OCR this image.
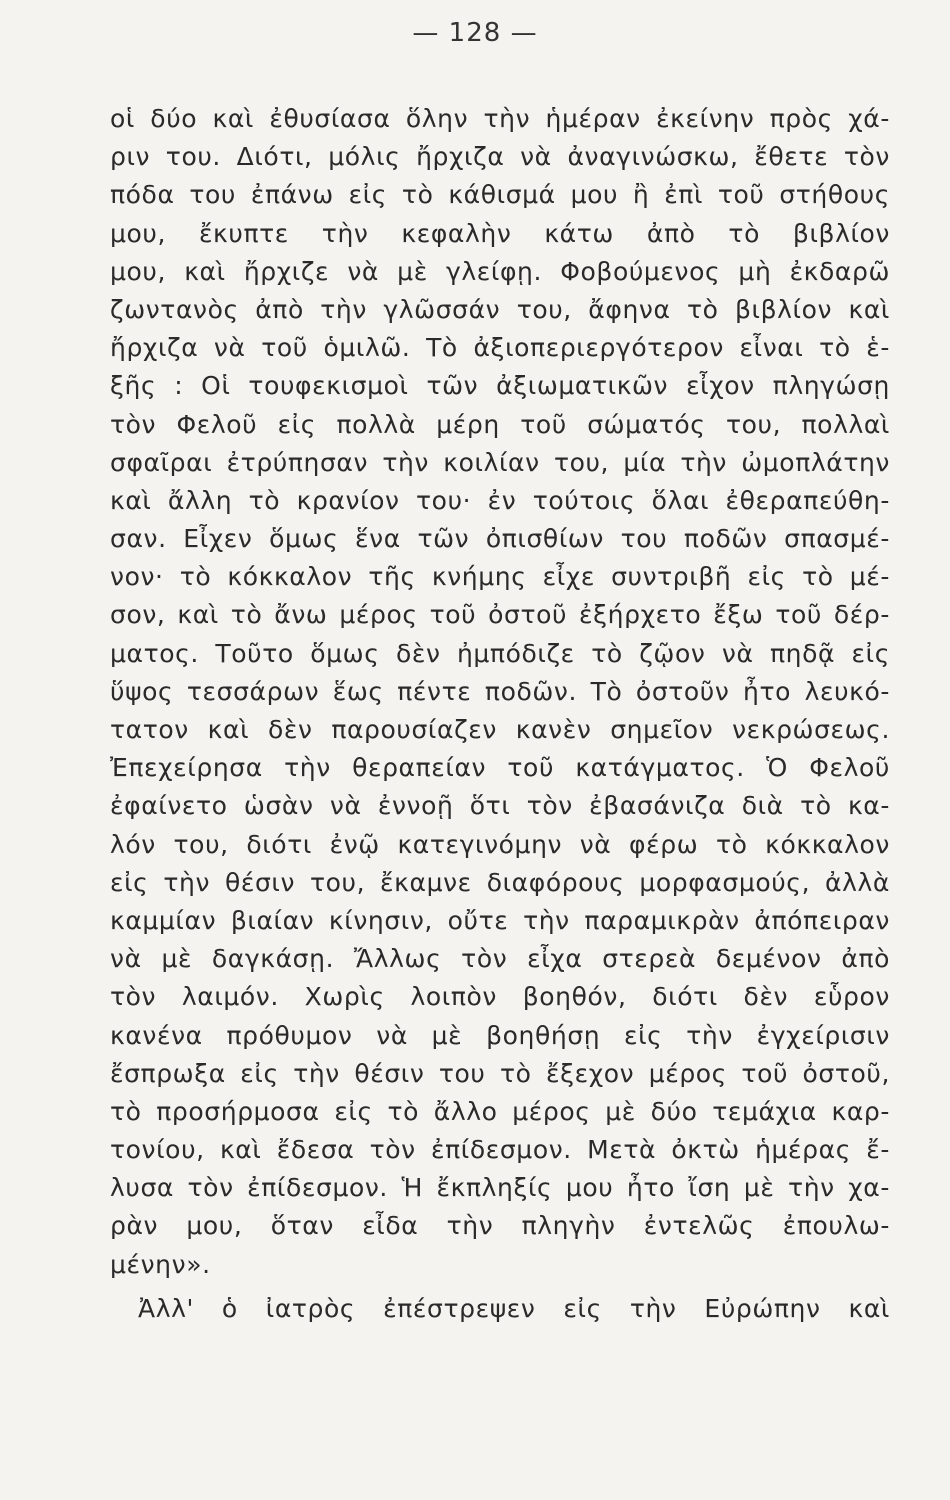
— 128 —
οἱ δύο καὶ ἐθυσίασα ὅλην τὴν ἡμέραν ἐκείνην πρὸς χά-
ριν του. Διότι, μόλις ἤρχιζα νὰ ἀναγινώσκω, ἔθετε τὸν
πόδα του ἐπάνω εἰς τὸ κάθισμά μου ἢ ἐπὶ τοῦ στήθους
μου, ἔκυπτε τὴν κεφαλὴν κάτω ἀπὸ τὸ βιβλίον
μου, καὶ ἤρχιζε νὰ μὲ γλείφῃ. Φοβούμενος μὴ ἐκδαρῶ
ζωντανὸς ἀπὸ τὴν γλῶσσάν του, ἄφηνα τὸ βιβλίον καὶ
ἤρχιζα νὰ τοῦ ὁμιλῶ. Τὸ ἀξιοπεριεργότερον εἶναι τὸ ἑ-
ξῆς : Οἱ τουφεκισμοὶ τῶν ἀξιωματικῶν εἶχον πληγώσῃ
τὸν Φελοῦ εἰς πολλὰ μέρη τοῦ σώματός του, πολλαὶ
σφαῖραι ἐτρύπησαν τὴν κοιλίαν του, μία τὴν ὠμοπλάτην
καὶ ἄλλη τὸ κρανίον του· ἐν τούτοις ὅλαι ἐθεραπεύθη-
σαν. Εἶχεν ὅμως ἕνα τῶν ὀπισθίων του ποδῶν σπασμέ-
νον· τὸ κόκκαλον τῆς κνήμης εἶχε συντριβῆ εἰς τὸ μέ-
σον, καὶ τὸ ἄνω μέρος τοῦ ὀστοῦ ἐξήρχετο ἔξω τοῦ δέρ-
ματος. Τοῦτο ὅμως δὲν ἠμπόδιζε τὸ ζῷον νὰ πηδᾷ εἰς
ὕψος τεσσάρων ἕως πέντε ποδῶν. Τὸ ὀστοῦν ἦτο λευκό-
τατον καὶ δὲν παρουσίαζεν κανὲν σημεῖον νεκρώσεως.
Ἐπεχείρησα τὴν θεραπείαν τοῦ κατάγματος. Ὁ Φελοῦ
ἐφαίνετο ὡσὰν νὰ ἐννοῇ ὅτι τὸν ἐβασάνιζα διὰ τὸ κα-
λόν του, διότι ἐνῷ κατεγινόμην νὰ φέρω τὸ κόκκαλον
εἰς τὴν θέσιν του, ἔκαμνε διαφόρους μορφασμούς, ἀλλὰ
καμμίαν βιαίαν κίνησιν, οὔτε τὴν παραμικρὰν ἀπόπειραν
νὰ μὲ δαγκάσῃ. Ἄλλως τὸν εἶχα στερεὰ δεμένον ἀπὸ
τὸν λαιμόν. Χωρὶς λοιπὸν βοηθόν, διότι δὲν εὗρον
κανένα πρόθυμον νὰ μὲ βοηθήσῃ εἰς τὴν ἐγχείρισιν
ἔσπρωξα εἰς τὴν θέσιν του τὸ ἔξεχον μέρος τοῦ ὀστοῦ,
τὸ προσήρμοσα εἰς τὸ ἄλλο μέρος μὲ δύο τεμάχια καρ-
τονίου, καὶ ἔδεσα τὸν ἐπίδεσμον. Μετὰ ὀκτὼ ἡμέρας ἔ-
λυσα τὸν ἐπίδεσμον. Ἡ ἔκπληξίς μου ἦτο ἴση μὲ τὴν χα-
ρὰν μου, ὅταν εἶδα τὴν πληγὴν ἐντελῶς ἐπουλω-
μένην».
Ἀλλ' ὁ ἰατρὸς ἐπέστρεψεν εἰς τὴν Εὐρώπην καὶ
